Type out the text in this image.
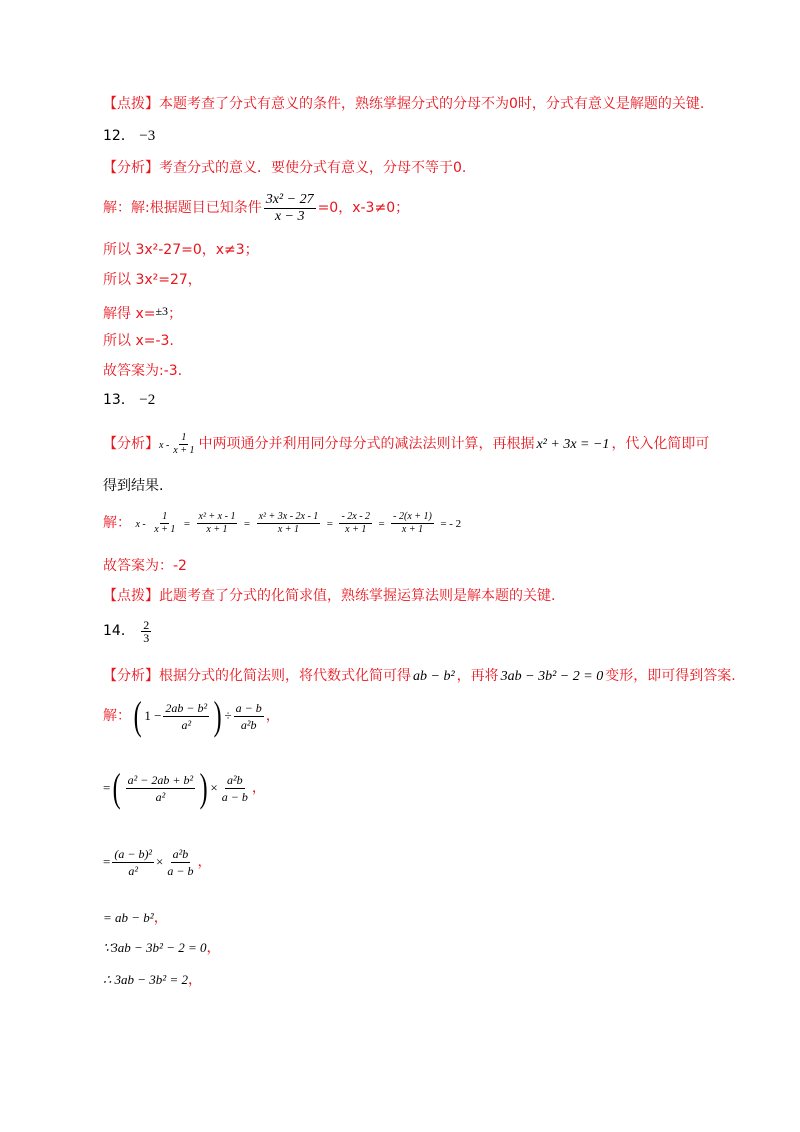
【点拨】本题考查了分式有意义的条件，熟练掌握分式的分母不为0时，分式有意义是解题的关键.
12． −3
【分析】考查分式的意义．要使分式有意义，分母不等于0.
解：解:根据题目已知条件 $\frac{\text{3x² − 27}}{x - 3} =0$，x-3≠0；
所以 3x²-27=0，x≠3；
所以 3x²=27，
解得 x=±3；
所以 x=-3.
故答案为:-3.
13． −2
【分析】x - $\frac{1}{x + 1}$ 中两项通分并利用同分母分式的减法法则计算，再根据 x² + 3x = −1 ，代入化简即可
得到结果.
解： $x - \frac{1}{x + 1} = \frac{\text{x² + x - 1}}{x + 1} = \frac{\text{x² + 3x - 2x - 1}}{x + 1} = \frac{- 2x - 2}{x + 1} = \frac{- 2(x + 1)}{x + 1}$ = - 2
故答案为：-2
【点拨】此题考查了分式的化简求值，熟练掌握运算法则是解本题的关键.
14． $\frac{2}{3}$
【分析】根据分式的化简法则，将代数式化简可得 ab − b² ，再将 3ab − 3b² − 2 = 0 变形，即可得到答案.
解：( $1 - \frac{\text{2ab − b²}}{\text{a²}}$ ) ÷ $\frac{a - b}{\text{a²b}}$ ，
=( $\frac{\text{a² − 2ab + b²}}{\text{a²}}$ ) × $\frac{\text{a²b}}{a - b}$ ，
= $\frac{\text{(a − b)²}}{\text{a²}} \times \frac{\text{a²b}}{a - b}$ ，
= ab − b²，
∵3ab − 3b² − 2 = 0，
∴ 3ab − 3b² = 2，
